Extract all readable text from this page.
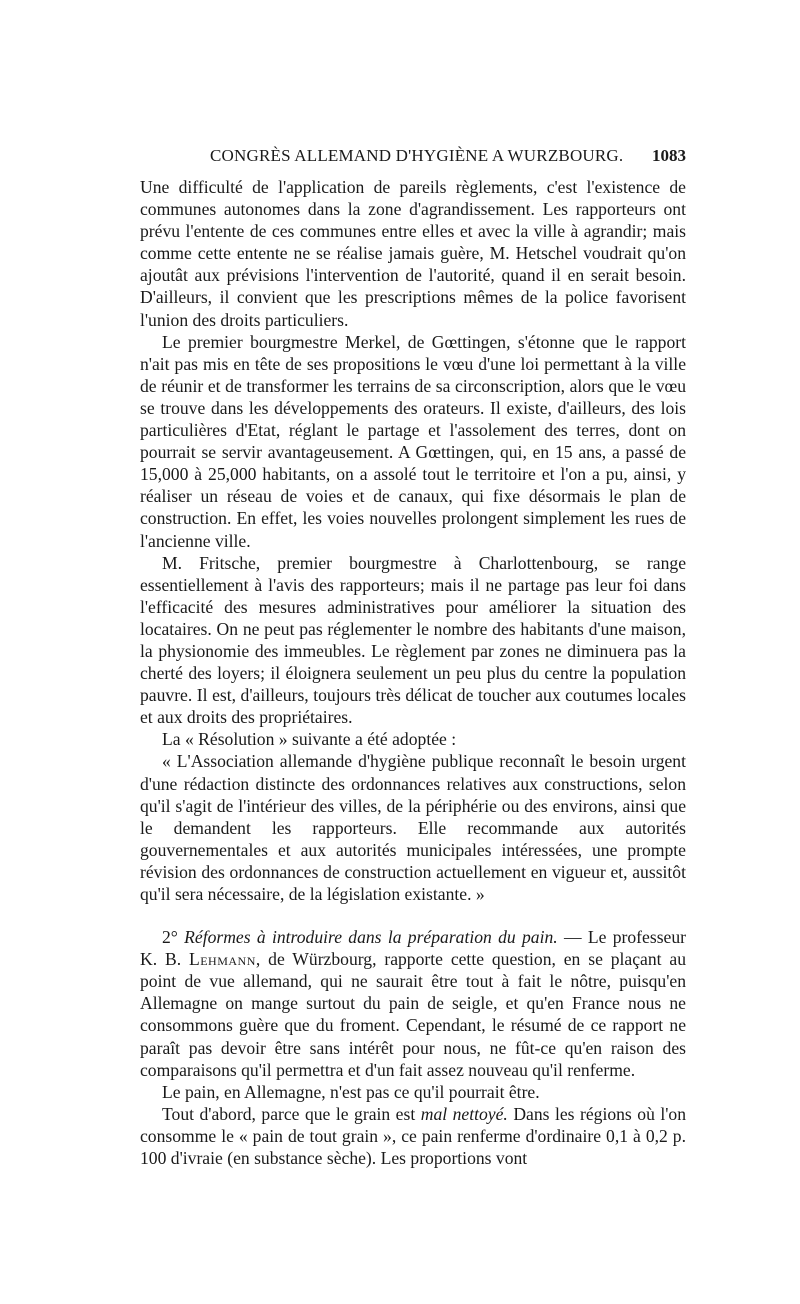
CONGRÈS ALLEMAND D'HYGIÈNE A WURZBOURG. 1083

Une difficulté de l'application de pareils règlements, c'est l'existence de communes autonomes dans la zone d'agrandissement. Les rapporteurs ont prévu l'entente de ces communes entre elles et avec la ville à agrandir; mais comme cette entente ne se réalise jamais guère, M. Hetschel voudrait qu'on ajoutât aux prévisions l'intervention de l'autorité, quand il en serait besoin. D'ailleurs, il convient que les prescriptions mêmes de la police favorisent l'union des droits particuliers.

Le premier bourgmestre Merkel, de Gœttingen, s'étonne que le rapport n'ait pas mis en tête de ses propositions le vœu d'une loi permettant à la ville de réunir et de transformer les terrains de sa circonscription, alors que le vœu se trouve dans les développements des orateurs. Il existe, d'ailleurs, des lois particulières d'Etat, réglant le partage et l'assolement des terres, dont on pourrait se servir avantageusement. A Gœttingen, qui, en 15 ans, a passé de 15,000 à 25,000 habitants, on a assolé tout le territoire et l'on a pu, ainsi, y réaliser un réseau de voies et de canaux, qui fixe désormais le plan de construction. En effet, les voies nouvelles prolongent simplement les rues de l'ancienne ville.

M. Fritsche, premier bourgmestre à Charlottenbourg, se range essentiellement à l'avis des rapporteurs; mais il ne partage pas leur foi dans l'efficacité des mesures administratives pour améliorer la situation des locataires. On ne peut pas réglementer le nombre des habitants d'une maison, la physionomie des immeubles. Le règlement par zones ne diminuera pas la cherté des loyers; il éloignera seulement un peu plus du centre la population pauvre. Il est, d'ailleurs, toujours très délicat de toucher aux coutumes locales et aux droits des propriétaires.

La « Résolution » suivante a été adoptée :

« L'Association allemande d'hygiène publique reconnaît le besoin urgent d'une rédaction distincte des ordonnances relatives aux constructions, selon qu'il s'agit de l'intérieur des villes, de la périphérie ou des environs, ainsi que le demandent les rapporteurs. Elle recommande aux autorités gouvernementales et aux autorités municipales intéressées, une prompte révision des ordonnances de construction actuellement en vigueur et, aussitôt qu'il sera nécessaire, de la législation existante. »

2° Réformes à introduire dans la préparation du pain. — Le professeur K. B. Lehmann, de Würzbourg, rapporte cette question, en se plaçant au point de vue allemand, qui ne saurait être tout à fait le nôtre, puisqu'en Allemagne on mange surtout du pain de seigle, et qu'en France nous ne consommons guère que du froment. Cependant, le résumé de ce rapport ne paraît pas devoir être sans intérêt pour nous, ne fût-ce qu'en raison des comparaisons qu'il permettra et d'un fait assez nouveau qu'il renferme.

Le pain, en Allemagne, n'est pas ce qu'il pourrait être.

Tout d'abord, parce que le grain est mal nettoyé. Dans les régions où l'on consomme le « pain de tout grain », ce pain renferme d'ordinaire 0,1 à 0,2 p. 100 d'ivraie (en substance sèche). Les proportions vont
